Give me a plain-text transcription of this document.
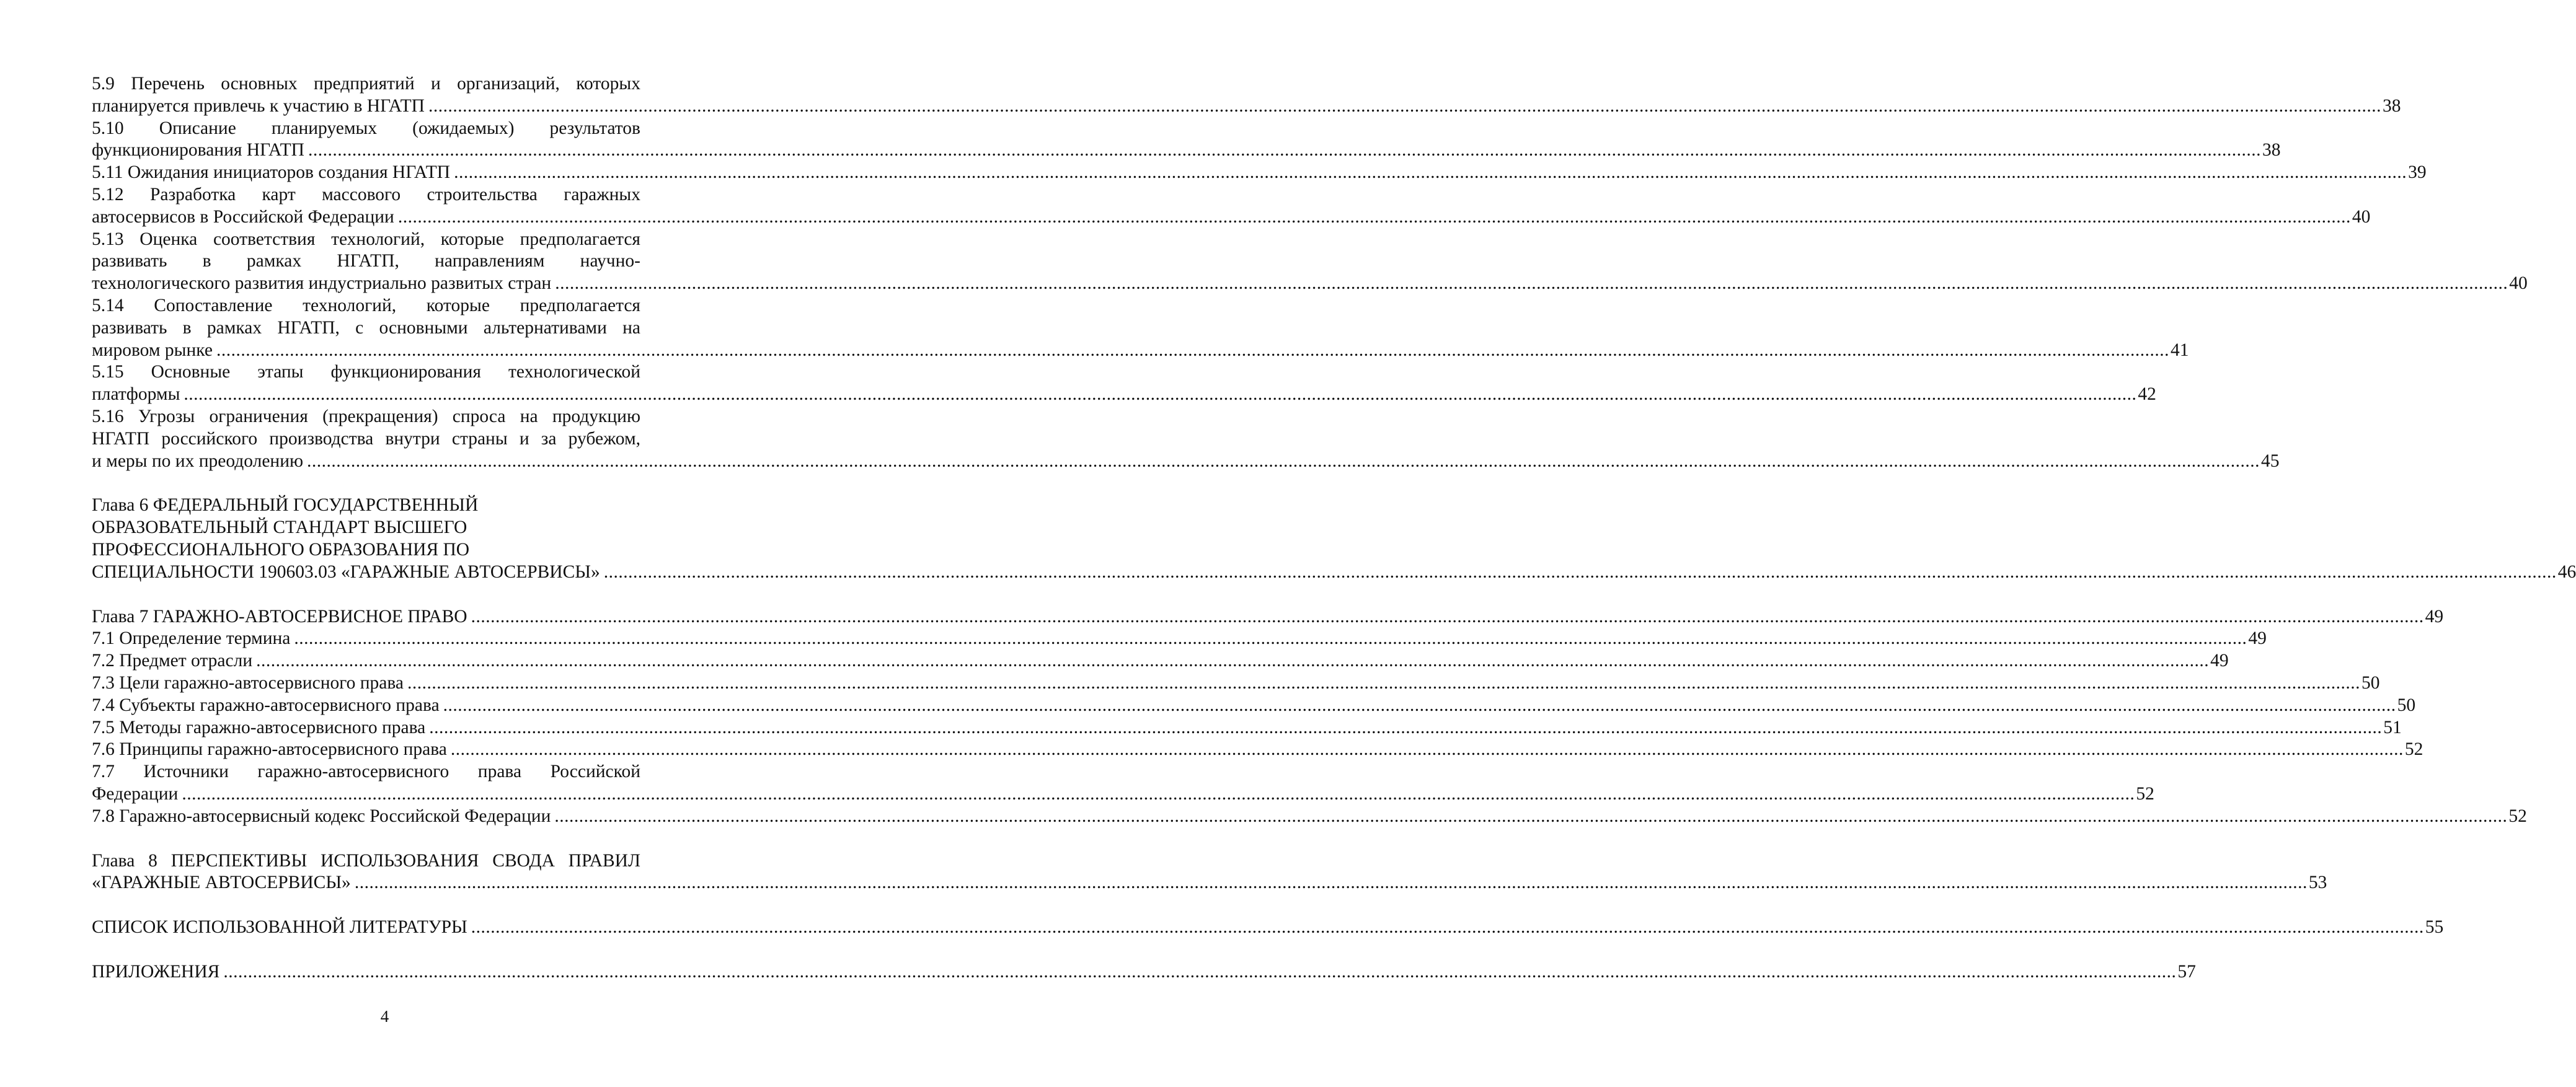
5.9 Перечень основных предприятий и организаций, которых
планируется привлечь к участию в НГАТП ................................................................................................................................................................................................................................................................................................................................................................................................................ 38
5.10 Описание планируемых (ожидаемых) результатов
функционирования НГАТП ................................................................................................................................................................................................................................................................................................................................................................................................................ 38
5.11 Ожидания инициаторов создания НГАТП ................................................................................................................................................................................................................................................................................................................................................................................................................ 39
5.12 Разработка карт массового строительства гаражных
автосервисов в Российской Федерации ................................................................................................................................................................................................................................................................................................................................................................................................................ 40
5.13 Оценка соответствия технологий, которые предполагается
развивать в рамках НГАТП, направлениям научно-
технологического развития индустриально развитых стран ................................................................................................................................................................................................................................................................................................................................................................................................................ 40
5.14 Сопоставление технологий, которые предполагается
развивать в рамках НГАТП, с основными альтернативами на
мировом рынке ................................................................................................................................................................................................................................................................................................................................................................................................................ 41
5.15 Основные этапы функционирования технологической
платформы ................................................................................................................................................................................................................................................................................................................................................................................................................ 42
5.16 Угрозы ограничения (прекращения) спроса на продукцию
НГАТП российского производства внутри страны и за рубежом,
и меры по их преодолению ................................................................................................................................................................................................................................................................................................................................................................................................................ 45
Глава 6 ФЕДЕРАЛЬНЫЙ ГОСУДАРСТВЕННЫЙ
ОБРАЗОВАТЕЛЬНЫЙ СТАНДАРТ ВЫСШЕГО
ПРОФЕССИОНАЛЬНОГО ОБРАЗОВАНИЯ ПО
СПЕЦИАЛЬНОСТИ 190603.03 «ГАРАЖНЫЕ АВТОСЕРВИСЫ» ................................................................................................................................................................................................................................................................................................................................................................................................................ 46
Глава 7 ГАРАЖНО-АВТОСЕРВИСНОЕ ПРАВО ................................................................................................................................................................................................................................................................................................................................................................................................................ 49
7.1 Определение термина ................................................................................................................................................................................................................................................................................................................................................................................................................ 49
7.2 Предмет отрасли ................................................................................................................................................................................................................................................................................................................................................................................................................ 49
7.3 Цели гаражно-автосервисного права ................................................................................................................................................................................................................................................................................................................................................................................................................ 50
7.4 Субъекты гаражно-автосервисного права ................................................................................................................................................................................................................................................................................................................................................................................................................ 50
7.5 Методы гаражно-автосервисного права ................................................................................................................................................................................................................................................................................................................................................................................................................ 51
7.6 Принципы гаражно-автосервисного права ................................................................................................................................................................................................................................................................................................................................................................................................................ 52
7.7 Источники гаражно-автосервисного права Российской
Федерации ................................................................................................................................................................................................................................................................................................................................................................................................................ 52
7.8 Гаражно-автосервисный кодекс Российской Федерации ................................................................................................................................................................................................................................................................................................................................................................................................................ 52
Глава 8 ПЕРСПЕКТИВЫ ИСПОЛЬЗОВАНИЯ СВОДА ПРАВИЛ
«ГАРАЖНЫЕ АВТОСЕРВИСЫ» ................................................................................................................................................................................................................................................................................................................................................................................................................ 53
СПИСОК ИСПОЛЬЗОВАННОЙ ЛИТЕРАТУРЫ ................................................................................................................................................................................................................................................................................................................................................................................................................ 55
ПРИЛОЖЕНИЯ ................................................................................................................................................................................................................................................................................................................................................................................................................ 57
4
